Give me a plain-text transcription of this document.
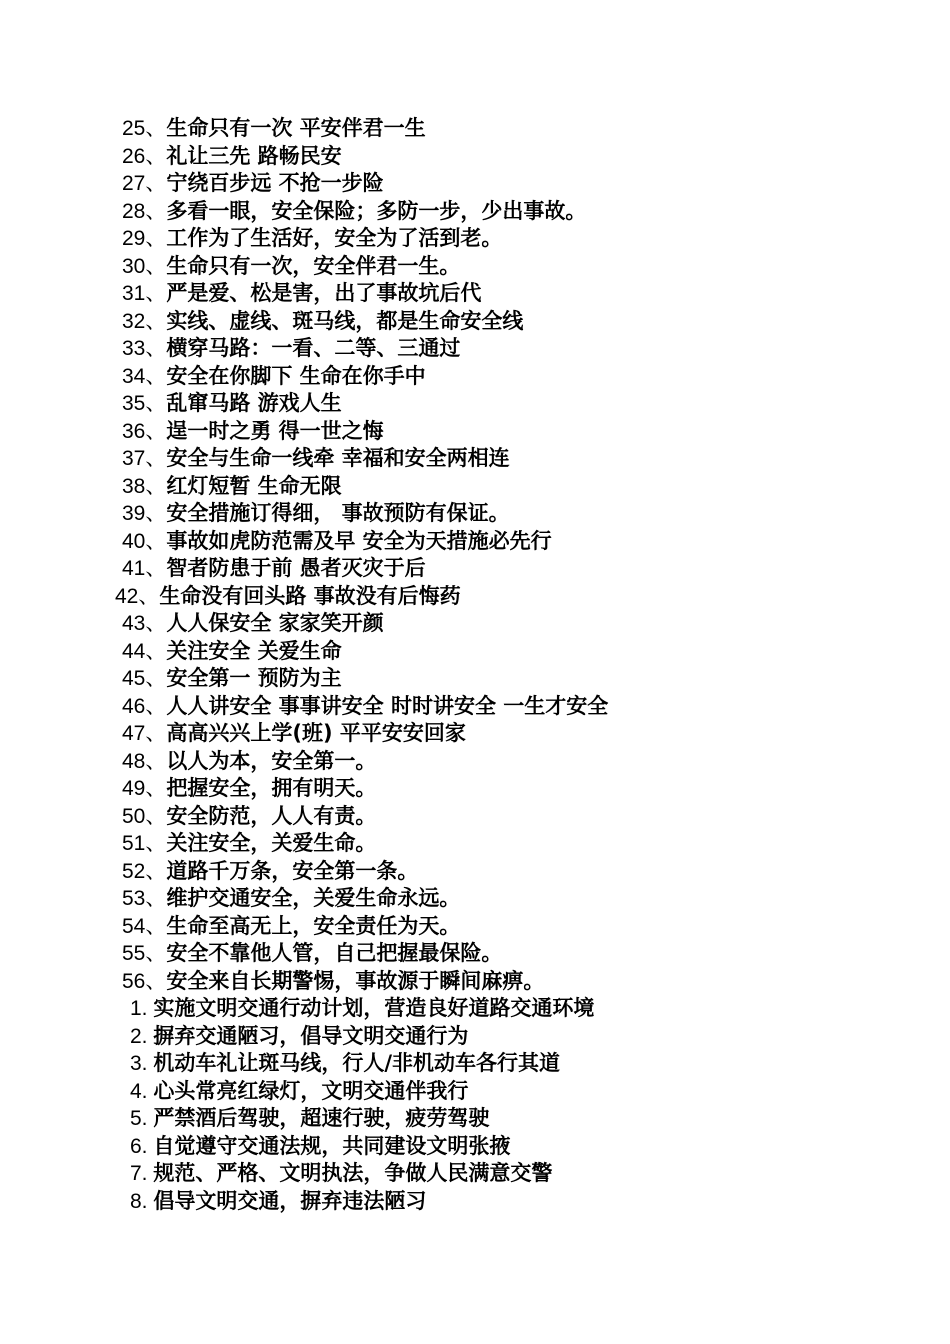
25、生命只有一次 平安伴君一生
26、礼让三先 路畅民安
27、宁绕百步远 不抢一步险
28、多看一眼，安全保险；多防一步，少出事故。
29、工作为了生活好，安全为了活到老。
30、生命只有一次，安全伴君一生。
31、严是爱、松是害，出了事故坑后代
32、实线、虚线、斑马线，都是生命安全线
33、横穿马路：一看、二等、三通过
34、安全在你脚下 生命在你手中
35、乱窜马路 游戏人生
36、逞一时之勇 得一世之悔
37、安全与生命一线牵 幸福和安全两相连
38、红灯短暂 生命无限
39、安全措施订得细， 事故预防有保证。
40、事故如虎防范需及早 安全为天措施必先行
41、智者防患于前 愚者灭灾于后
42、生命没有回头路 事故没有后悔药
43、人人保安全 家家笑开颜
44、关注安全 关爱生命
45、安全第一 预防为主
46、人人讲安全 事事讲安全 时时讲安全 一生才安全
47、高高兴兴上学(班) 平平安安回家
48、以人为本，安全第一。
49、把握安全，拥有明天。
50、安全防范，人人有责。
51、关注安全，关爱生命。
52、道路千万条，安全第一条。
53、维护交通安全，关爱生命永远。
54、生命至高无上，安全责任为天。
55、安全不靠他人管，自己把握最保险。
56、安全来自长期警惕，事故源于瞬间麻痹。
1. 实施文明交通行动计划，营造良好道路交通环境
2. 摒弃交通陋习，倡导文明交通行为
3. 机动车礼让斑马线，行人/非机动车各行其道
4. 心头常亮红绿灯，文明交通伴我行
5. 严禁酒后驾驶，超速行驶，疲劳驾驶
6. 自觉遵守交通法规，共同建设文明张掖
7. 规范、严格、文明执法，争做人民满意交警
8. 倡导文明交通，摒弃违法陋习
